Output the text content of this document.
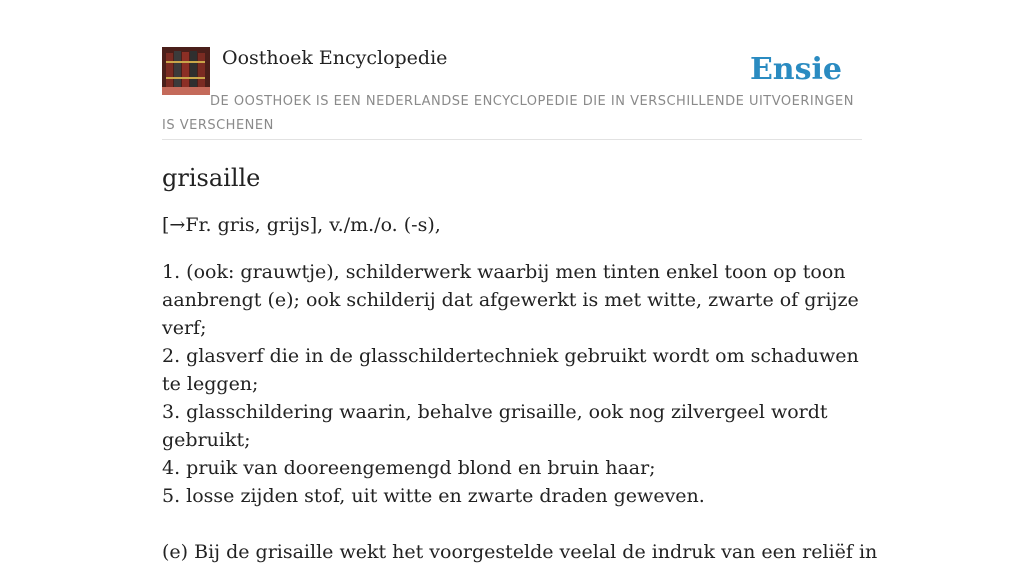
Oosthoek Encyclopedie	Ensie
DE OOSTHOEK IS EEN NEDERLANDSE ENCYCLOPEDIE DIE IN VERSCHILLENDE UITVOERINGEN IS VERSCHENEN
grisaille

[→Fr. gris, grijs], v./m./o. (-s),

1. (ook: grauwtje), schilderwerk waarbij men tinten enkel toon op toon aanbrengt (e); ook schilderij dat afgewerkt is met witte, zwarte of grijze verf;
2. glasverf die in de glasschildertechniek gebruikt wordt om schaduwen te leggen;
3. glasschildering waarin, behalve grisaille, ook nog zilvergeel wordt gebruikt;
4. pruik van dooreengemengd blond en bruin haar;
5. losse zijden stof, uit witte en zwarte draden geweven.

(e) Bij de grisaille wekt het voorgestelde veelal de indruk van een reliëf in
